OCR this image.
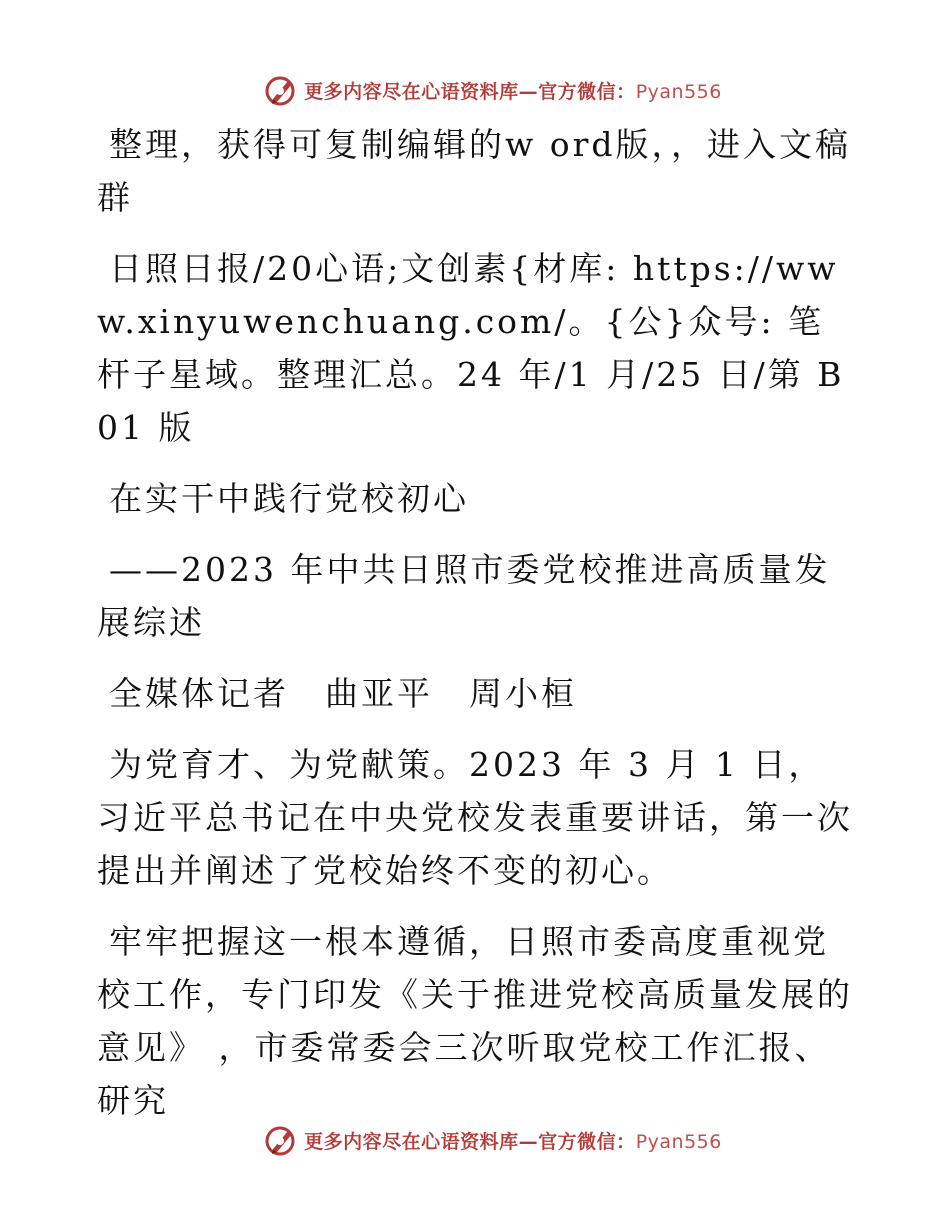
更多内容尽在心语资料库—官方微信：Pyan556

整理，获得可复制编辑的w ord版，，进入文稿群

日照日报/20心语;文创素{材库: https://www.xinyuwenchuang.com/。{公}众号: 笔杆子星域。整理汇总。24 年/1 月/25 日/第 B01 版

在实干中践行党校初心

——2023 年中共日照市委党校推进高质量发展综述

全媒体记者　曲亚平　周小桓

为党育才、为党献策。2023 年 3 月 1 日，习近平总书记在中央党校发表重要讲话，第一次提出并阐述了党校始终不变的初心。

牢牢把握这一根本遵循，日照市委高度重视党校工作，专门印发《关于推进党校高质量发展的意见》 ，市委常委会三次听取党校工作汇报、研究

更多内容尽在心语资料库—官方微信：Pyan556
